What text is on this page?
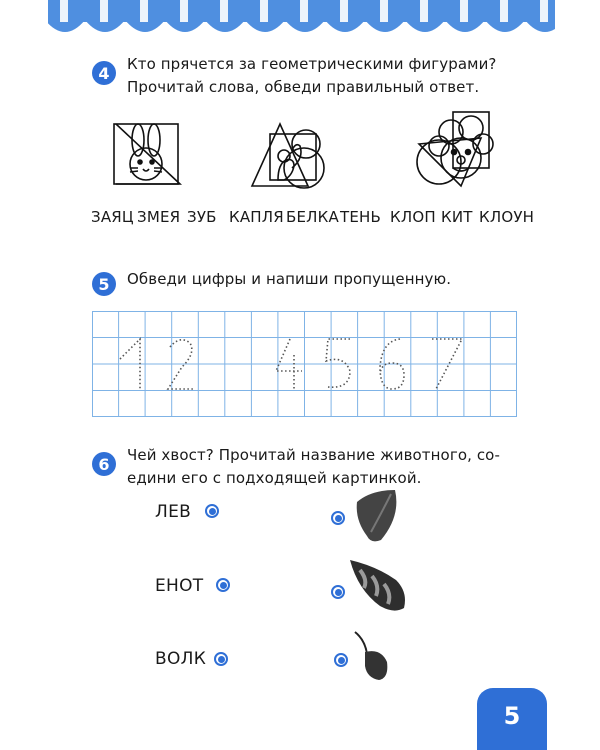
4	Кто прячется за геометрическими фигурами?
Прочитай слова, обведи правильный ответ.
ЗАЯЦ ЗМЕЯ ЗУБ КАПЛЯ БЕЛКА ТЕНЬ КЛОП КИТ КЛОУН
5	Обведи цифры и напиши пропущенную.
6	Чей хвост? Прочитай название животного, со-
едини его с подходящей картинкой.
ЛЕВ
ЕНОТ
ВОЛК
5
